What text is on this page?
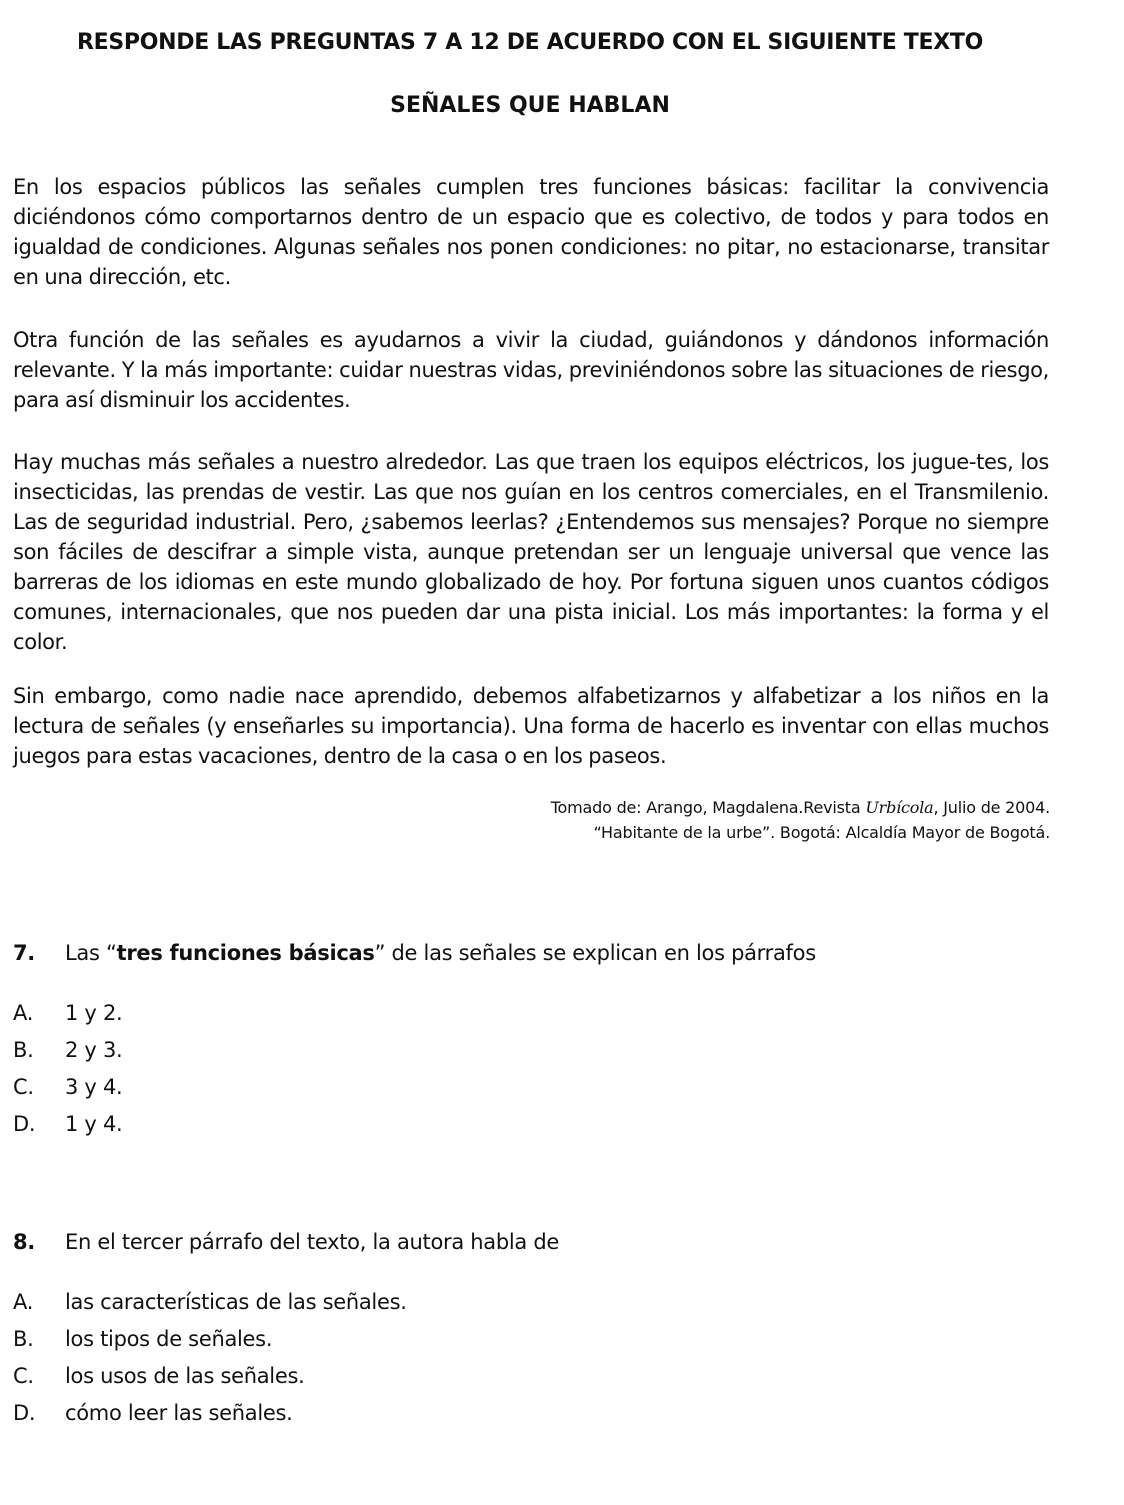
RESPONDE LAS PREGUNTAS 7 A 12 DE ACUERDO CON EL SIGUIENTE TEXTO
SEÑALES QUE HABLAN

En los espacios públicos las señales cumplen tres funciones básicas: facilitar la convivencia diciéndonos cómo comportarnos dentro de un espacio que es colectivo, de todos y para todos en igualdad de condiciones. Algunas señales nos ponen condiciones: no pitar, no estacionarse, transitar en una dirección, etc.

Otra función de las señales es ayudarnos a vivir la ciudad, guiándonos y dándonos información relevante. Y la más importante: cuidar nuestras vidas, previniéndonos sobre las situaciones de riesgo, para así disminuir los accidentes.

Hay muchas más señales a nuestro alrededor. Las que traen los equipos eléctricos, los jugue-tes, los insecticidas, las prendas de vestir. Las que nos guían en los centros comerciales, en el Transmilenio. Las de seguridad industrial. Pero, ¿sabemos leerlas? ¿Entendemos sus mensajes? Porque no siempre son fáciles de descifrar a simple vista, aunque pretendan ser un lenguaje universal que vence las barreras de los idiomas en este mundo globalizado de hoy. Por fortuna siguen unos cuantos códigos comunes, internacionales, que nos pueden dar una pista inicial. Los más importantes: la forma y el color.

Sin embargo, como nadie nace aprendido, debemos alfabetizarnos y alfabetizar a los niños en la lectura de señales (y enseñarles su importancia). Una forma de hacerlo es inventar con ellas muchos juegos para estas vacaciones, dentro de la casa o en los paseos.

Tomado de: Arango, Magdalena.Revista Urbícola, Julio de 2004.
“Habitante de la urbe”. Bogotá: Alcaldía Mayor de Bogotá.

7. Las “tres funciones básicas” de las señales se explican en los párrafos

A. 1 y 2.
B. 2 y 3.
C. 3 y 4.
D. 1 y 4.

8. En el tercer párrafo del texto, la autora habla de

A. las características de las señales.
B. los tipos de señales.
C. los usos de las señales.
D. cómo leer las señales.
